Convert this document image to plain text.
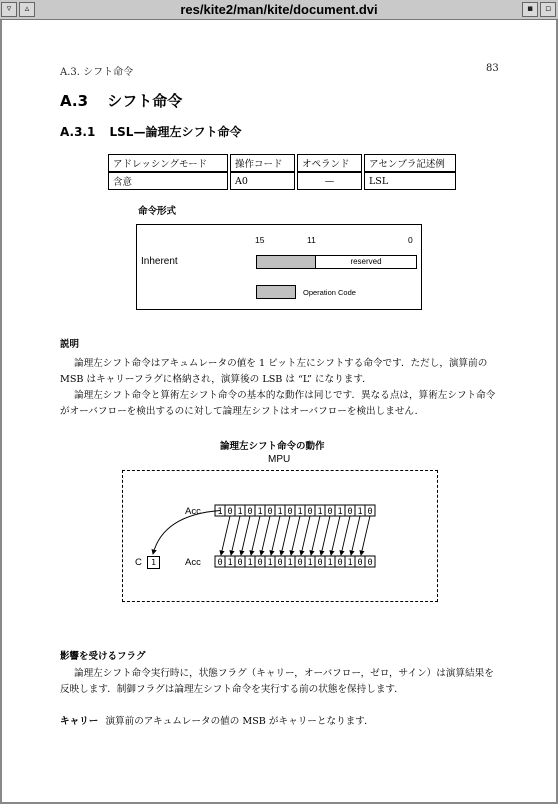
▿	▵	res/kite2/man/kite/document.dvi	▪	▫
A.3. シフト命令	83
A.3 シフト命令
A.3.1 LSL—論理左シフト命令
アドレッシングモード	操作コード	オペランド	アセンブラ記述例
含意	A0	—	LSL
命令形式
15	11	0
Inherent	reserved
Operation Code
説明
論理左シフト命令はアキュムレータの値を 1 ビット左にシフトする命令です．ただし，演算前の MSB はキャリーフラグに格納され，演算後の LSB は “L” になります．
論理左シフト命令と算術左シフト命令の基本的な動作は同じです．異なる点は，算術左シフト命令がオーバフローを検出するのに対して論理左シフトはオーバフローを検出しません．
論理左シフト命令の動作
MPU
Acc
Acc
C	1
1 0 1 0 1 0 1 0 1 0 1 0 1 0 1 0
0 1 0 1 0 1 0 1 0 1 0 1 0 1 0 0
影響を受けるフラグ
論理左シフト命令実行時に，状態フラグ（キャリー，オーバフロー，ゼロ，サイン）は演算結果を反映します．制御フラグは論理左シフト命令を実行する前の状態を保持します．
キャリー 演算前のアキュムレータの値の MSB がキャリーとなります．
